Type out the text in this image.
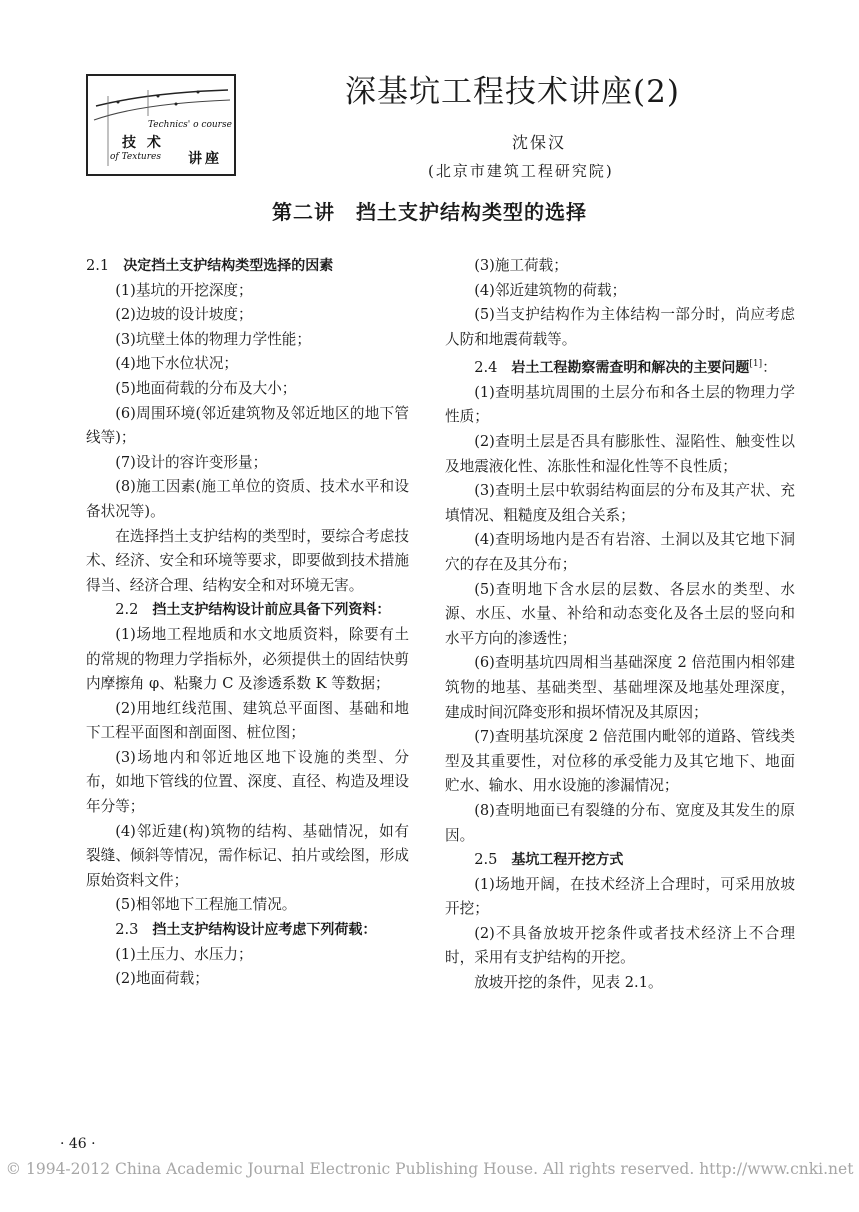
Technics' o course
技 术
of Textures 讲座
深基坑工程技术讲座(2)
沈保汉
(北京市建筑工程研究院)
第二讲　挡土支护结构类型的选择

2.1 决定挡土支护结构类型选择的因素

(1)基坑的开挖深度；

(2)边坡的设计坡度；

(3)坑壁土体的物理力学性能；

(4)地下水位状况；

(5)地面荷载的分布及大小；

(6)周围环境(邻近建筑物及邻近地区的地下管线等)；

(7)设计的容许变形量；

(8)施工因素(施工单位的资质、技术水平和设备状况等)。

在选择挡土支护结构的类型时，要综合考虑技术、经济、安全和环境等要求，即要做到技术措施得当、经济合理、结构安全和对环境无害。

2.2 挡土支护结构设计前应具备下列资料：

(1)场地工程地质和水文地质资料，除要有土的常规的物理力学指标外，必须提供土的固结快剪内摩擦角 φ、粘聚力 C 及渗透系数 K 等数据；

(2)用地红线范围、建筑总平面图、基础和地下工程平面图和剖面图、桩位图；

(3)场地内和邻近地区地下设施的类型、分布，如地下管线的位置、深度、直径、构造及埋设年分等；

(4)邻近建(构)筑物的结构、基础情况，如有裂缝、倾斜等情况，需作标记、拍片或绘图，形成原始资料文件；

(5)相邻地下工程施工情况。

2.3 挡土支护结构设计应考虑下列荷载：

(1)土压力、水压力；

(2)地面荷载；

(3)施工荷载；

(4)邻近建筑物的荷载；

(5)当支护结构作为主体结构一部分时，尚应考虑人防和地震荷载等。

2.4 岩土工程勘察需查明和解决的主要问题[1]：

(1)查明基坑周围的土层分布和各土层的物理力学性质；

(2)查明土层是否具有膨胀性、湿陷性、触变性以及地震液化性、冻胀性和湿化性等不良性质；

(3)查明土层中软弱结构面层的分布及其产状、充填情况、粗糙度及组合关系；

(4)查明场地内是否有岩溶、土洞以及其它地下洞穴的存在及其分布；

(5)查明地下含水层的层数、各层水的类型、水源、水压、水量、补给和动态变化及各土层的竖向和水平方向的渗透性；

(6)查明基坑四周相当基础深度 2 倍范围内相邻建筑物的地基、基础类型、基础埋深及地基处理深度，建成时间沉降变形和损坏情况及其原因；

(7)查明基坑深度 2 倍范围内毗邻的道路、管线类型及其重要性，对位移的承受能力及其它地下、地面贮水、输水、用水设施的渗漏情况；

(8)查明地面已有裂缝的分布、宽度及其发生的原因。

2.5 基坑工程开挖方式

(1)场地开阔，在技术经济上合理时，可采用放坡开挖；

(2)不具备放坡开挖条件或者技术经济上不合理时，采用有支护结构的开挖。

放坡开挖的条件，见表 2.1。

· 46 ·
© 1994-2012 China Academic Journal Electronic Publishing House. All rights reserved. http://www.cnki.net
